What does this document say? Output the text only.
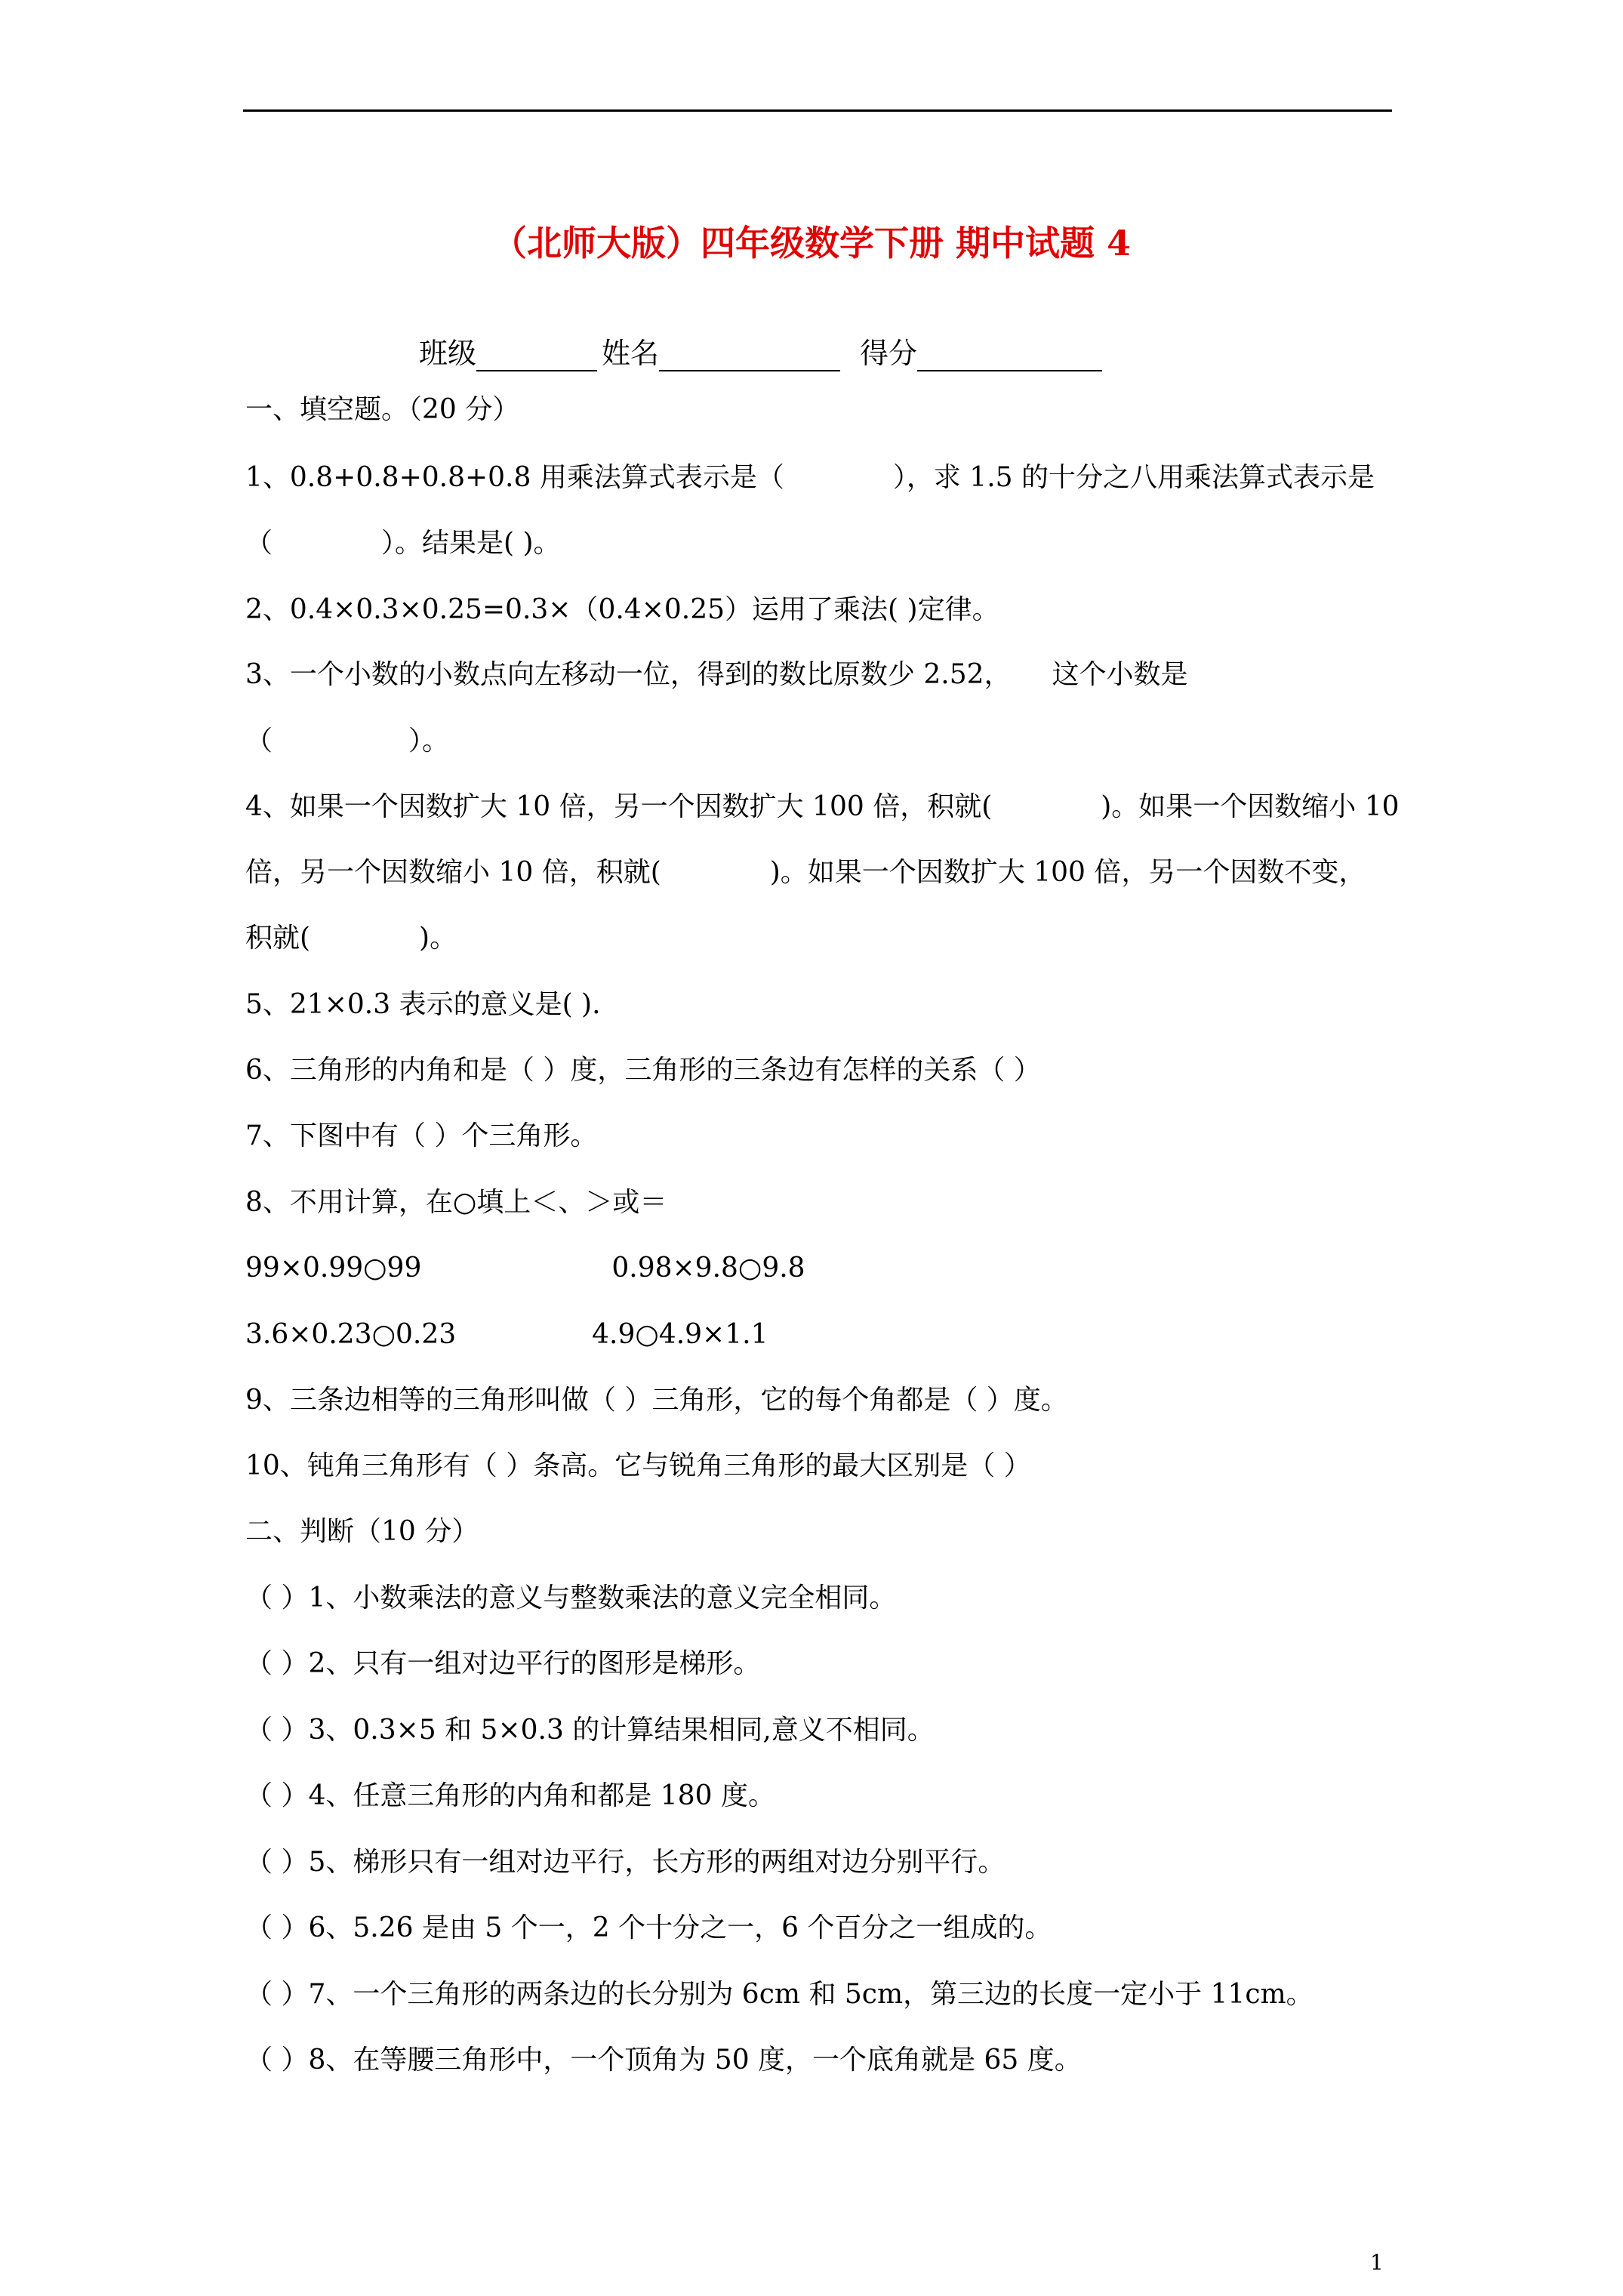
（北师大版）四年级数学下册 期中试题 4
班级	姓名	得分
一、填空题。（20 分）
1、0.8+0.8+0.8+0.8 用乘法算式表示是（　　　　），求 1.5 的十分之八用乘法算式表示是
（　　　　）。结果是( )。
2、0.4×0.3×0.25=0.3×（0.4×0.25）运用了乘法( )定律。
3、一个小数的小数点向左移动一位，得到的数比原数少 2.52，　　这个小数是
（　　　　　）。
4、如果一个因数扩大 10 倍，另一个因数扩大 100 倍，积就(　　　　)。如果一个因数缩小 10
倍，另一个因数缩小 10 倍，积就(　　　　)。如果一个因数扩大 100 倍，另一个因数不变，
积就(　　　　)。
5、21×0.3 表示的意义是( ).
6、三角形的内角和是（ ）度，三角形的三条边有怎样的关系（ ）
7、下图中有（ ）个三角形。
8、不用计算，在○填上＜、＞或＝
99×0.99○99　　　　　　　0.98×9.8○9.8
3.6×0.23○0.23　　　　　4.9○4.9×1.1
9、三条边相等的三角形叫做（ ）三角形，它的每个角都是（ ）度。
10、钝角三角形有（ ）条高。它与锐角三角形的最大区别是（ ）
二、判断（10 分）
（ ）1、小数乘法的意义与整数乘法的意义完全相同。
（ ）2、只有一组对边平行的图形是梯形。
（ ）3、0.3×5 和 5×0.3 的计算结果相同,意义不相同。
（ ）4、任意三角形的内角和都是 180 度。
（ ）5、梯形只有一组对边平行，长方形的两组对边分别平行。
（ ）6、5.26 是由 5 个一，2 个十分之一，6 个百分之一组成的。
（ ）7、一个三角形的两条边的长分别为 6cm 和 5cm，第三边的长度一定小于 11cm。
（ ）8、在等腰三角形中，一个顶角为 50 度，一个底角就是 65 度。
1
